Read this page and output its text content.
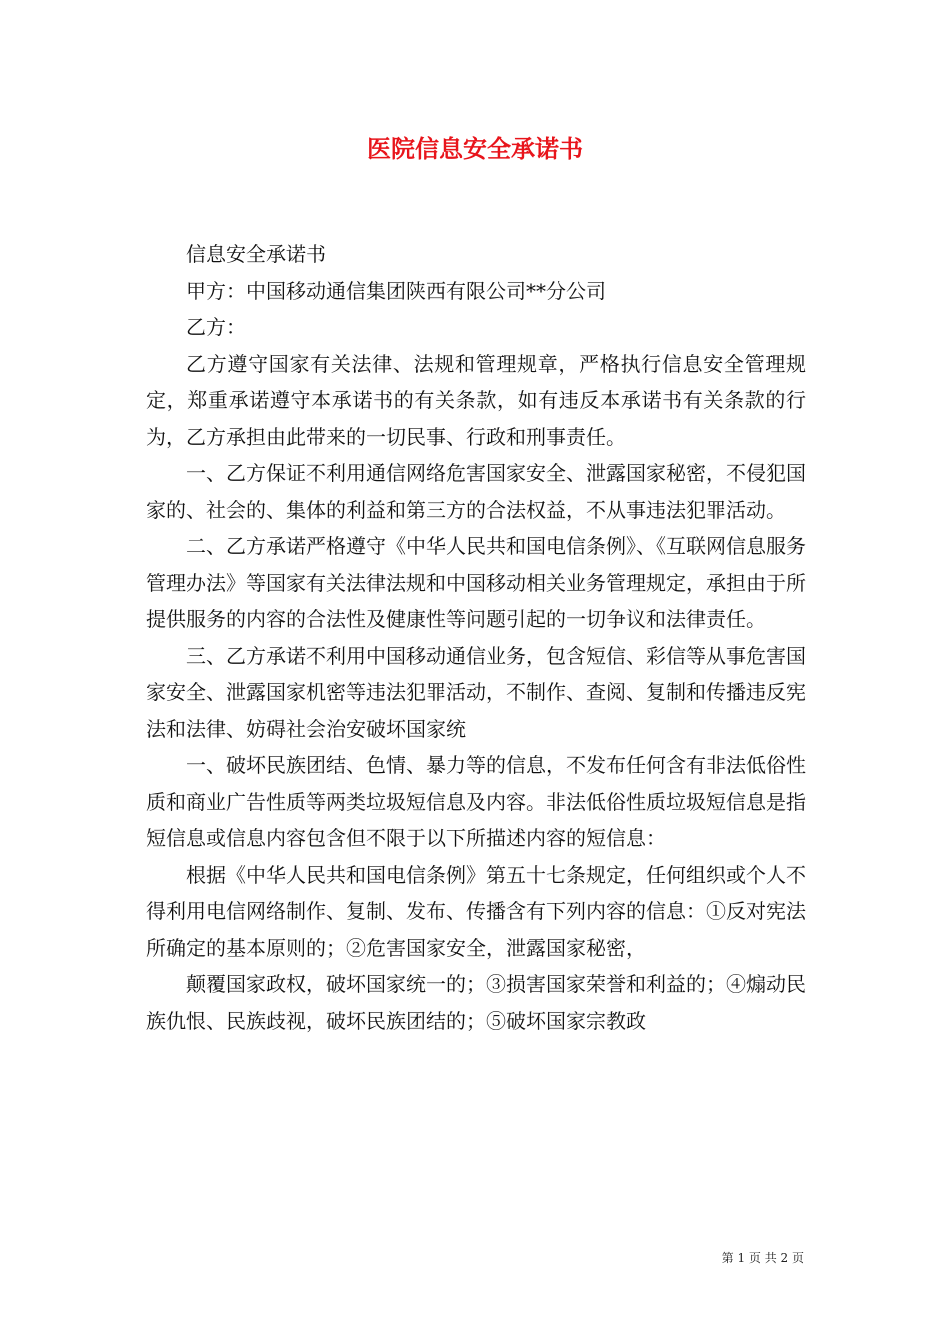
医院信息安全承诺书

信息安全承诺书

甲方：中国移动通信集团陕西有限公司**分公司

乙方：

乙方遵守国家有关法律、法规和管理规章，严格执行信息安全管理规定，郑重承诺遵守本承诺书的有关条款，如有违反本承诺书有关条款的行为，乙方承担由此带来的一切民事、行政和刑事责任。

一、乙方保证不利用通信网络危害国家安全、泄露国家秘密，不侵犯国家的、社会的、集体的利益和第三方的合法权益，不从事违法犯罪活动。

二、乙方承诺严格遵守《中华人民共和国电信条例》、《互联网信息服务管理办法》等国家有关法律法规和中国移动相关业务管理规定，承担由于所提供服务的内容的合法性及健康性等问题引起的一切争议和法律责任。

三、乙方承诺不利用中国移动通信业务，包含短信、彩信等从事危害国家安全、泄露国家机密等违法犯罪活动，不制作、查阅、复制和传播违反宪法和法律、妨碍社会治安破坏国家统

一、破坏民族团结、色情、暴力等的信息，不发布任何含有非法低俗性质和商业广告性质等两类垃圾短信息及内容。非法低俗性质垃圾短信息是指短信息或信息内容包含但不限于以下所描述内容的短信息：

根据《中华人民共和国电信条例》第五十七条规定，任何组织或个人不得利用电信网络制作、复制、发布、传播含有下列内容的信息：①反对宪法所确定的基本原则的；②危害国家安全，泄露国家秘密，

颠覆国家政权，破坏国家统一的；③损害国家荣誉和利益的；④煽动民族仇恨、民族歧视，破坏民族团结的；⑤破坏国家宗教政

第 1 页 共 2 页
